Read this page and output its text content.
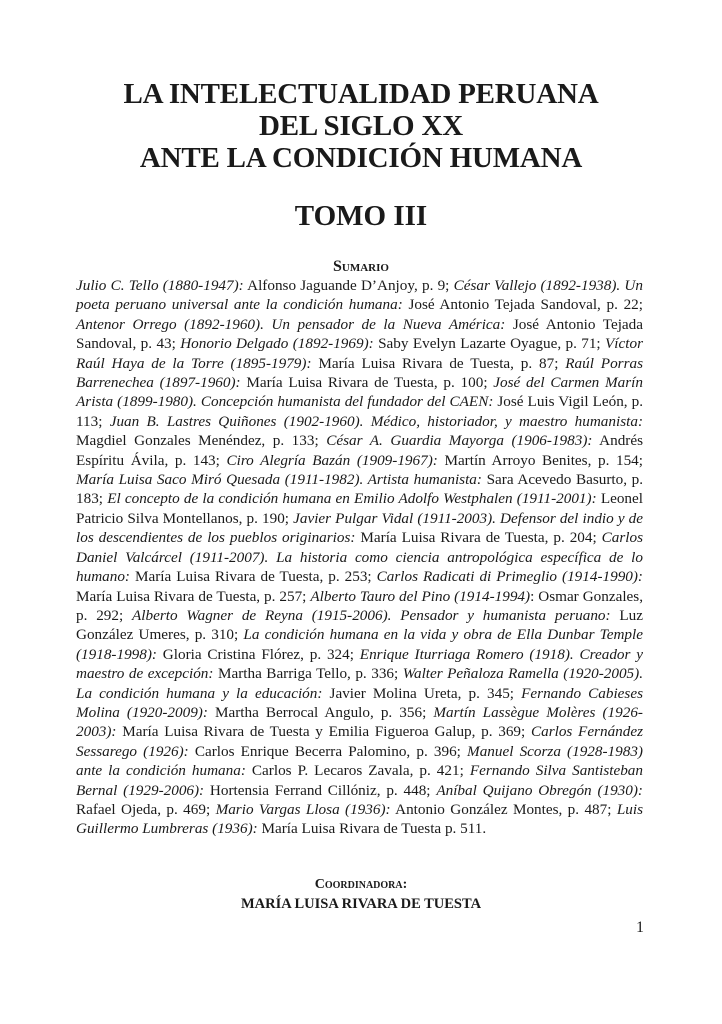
LA INTELECTUALIDAD PERUANA
DEL SIGLO XX
ANTE LA CONDICIÓN HUMANA
TOMO III
Sumario
Julio C. Tello (1880-1947): Alfonso Jaguande D’Anjoy, p. 9; César Vallejo (1892-1938). Un poeta peruano universal ante la condición humana: José Antonio Tejada Sandoval, p. 22; Antenor Orrego (1892-1960). Un pensador de la Nueva América: José Antonio Tejada Sandoval, p. 43; Honorio Delgado (1892-1969): Saby Evelyn Lazarte Oyague, p. 71; Víctor Raúl Haya de la Torre (1895-1979): María Luisa Rivara de Tuesta, p. 87; Raúl Porras Barrenechea (1897-1960): María Luisa Rivara de Tuesta, p. 100; José del Carmen Marín Arista (1899-1980). Concepción humanista del fundador del CAEN: José Luis Vigil León, p. 113; Juan B. Lastres Quiñones (1902-1960). Médico, historiador, y maestro humanista: Magdiel Gonzales Menéndez, p. 133; César A. Guardia Mayorga (1906-1983): Andrés Espíritu Ávila, p. 143; Ciro Alegría Bazán (1909-1967): Martín Arroyo Benites, p. 154; María Luisa Saco Miró Quesada (1911-1982). Artista humanista: Sara Acevedo Basurto, p. 183; El concepto de la condición humana en Emilio Adolfo Westphalen (1911-2001): Leonel Patricio Silva Montellanos, p. 190; Javier Pulgar Vidal (1911-2003). Defensor del indio y de los descendientes de los pueblos originarios: María Luisa Rivara de Tuesta, p. 204; Carlos Daniel Valcárcel (1911-2007). La historia como ciencia antropológica específica de lo humano: María Luisa Rivara de Tuesta, p. 253; Carlos Radicati di Primeglio (1914-1990): María Luisa Rivara de Tuesta, p. 257; Alberto Tauro del Pino (1914-1994): Osmar Gonzales, p. 292; Alberto Wagner de Reyna (1915-2006). Pensador y humanista peruano: Luz González Umeres, p. 310; La condición humana en la vida y obra de Ella Dunbar Temple (1918-1998): Gloria Cristina Flórez, p. 324; Enrique Iturriaga Romero (1918). Creador y maestro de excepción: Martha Barriga Tello, p. 336; Walter Peñaloza Ramella (1920-2005). La condición humana y la educación: Javier Molina Ureta, p. 345; Fernando Cabieses Molina (1920-2009): Martha Berrocal Angulo, p. 356; Martín Lassègue Molères (1926-2003): María Luisa Rivara de Tuesta y Emilia Figueroa Galup, p. 369; Carlos Fernández Sessarego (1926): Carlos Enrique Becerra Palomino, p. 396; Manuel Scorza (1928-1983) ante la condición humana: Carlos P. Lecaros Zavala, p. 421; Fernando Silva Santisteban Bernal (1929-2006): Hortensia Ferrand Cillóniz, p. 448; Aníbal Quijano Obregón (1930): Rafael Ojeda, p. 469; Mario Vargas Llosa (1936): Antonio González Montes, p. 487; Luis Guillermo Lumbreras (1936): María Luisa Rivara de Tuesta p. 511.
Coordinadora:
MARÍA LUISA RIVARA DE TUESTA
1
